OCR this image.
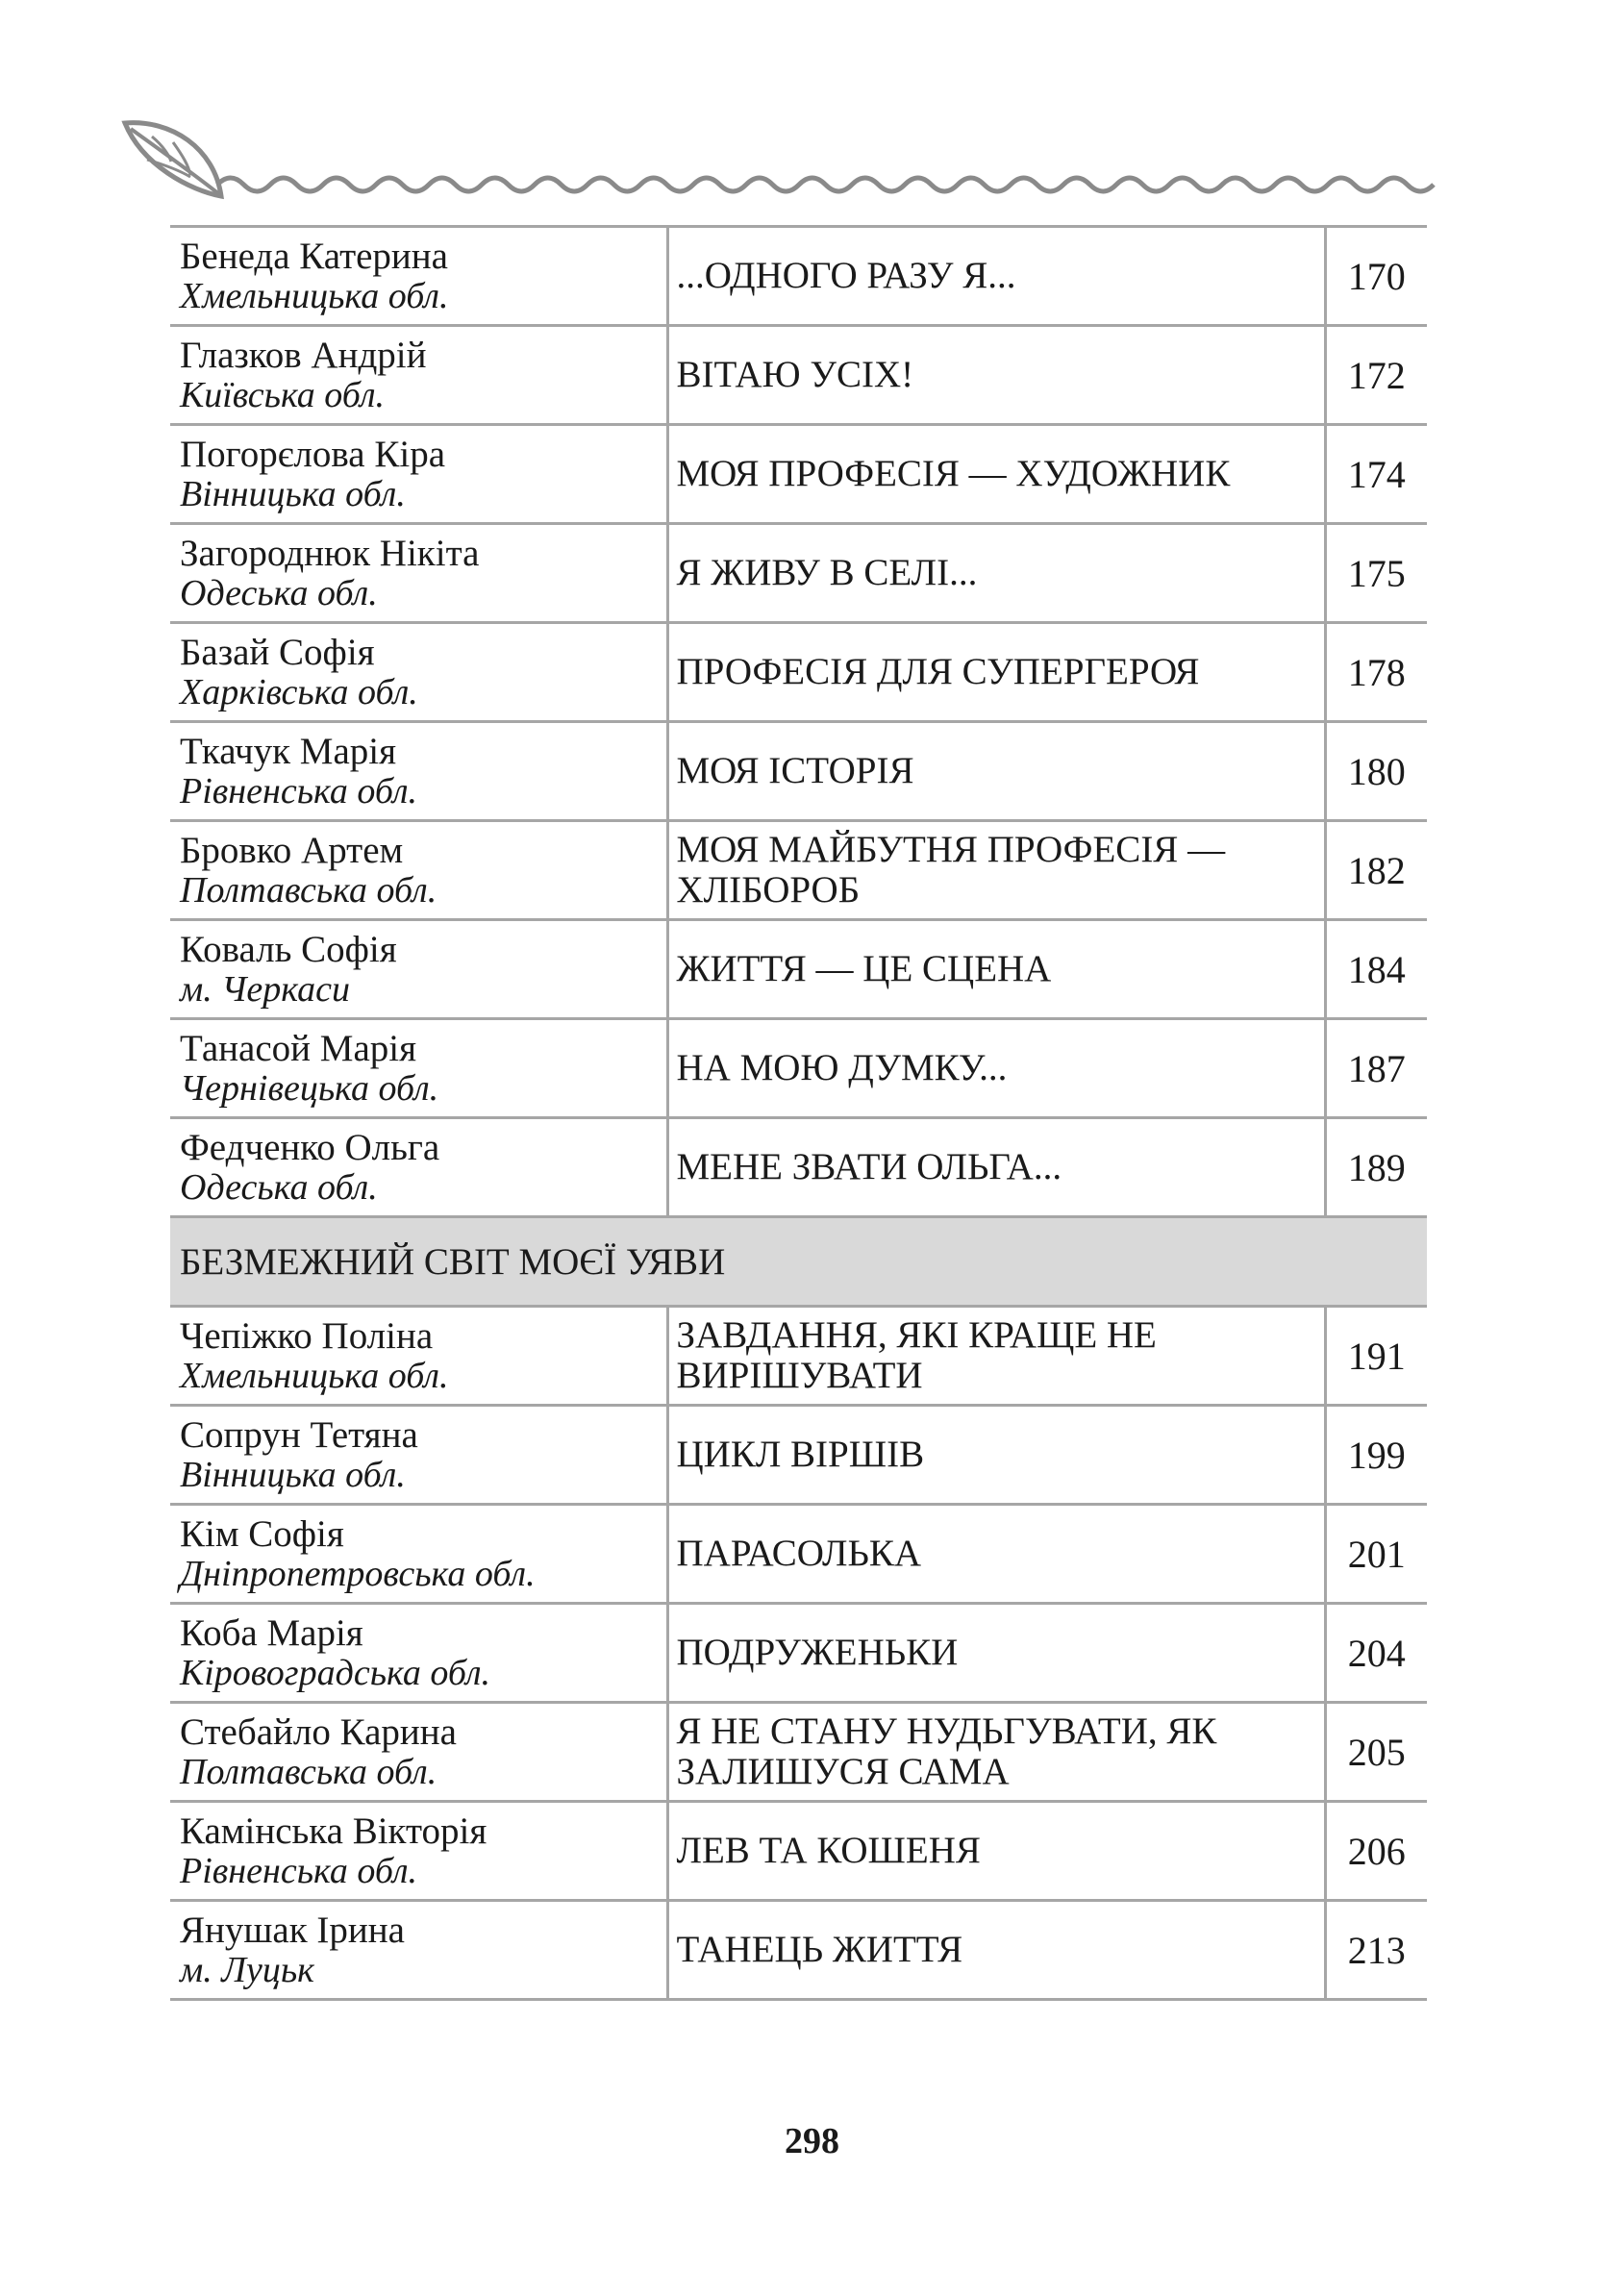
Бенеда Катерина
Хмельницька обл.	...ОДНОГО РАЗУ Я...	170

Глазков Андрій
Київська обл.	ВІТАЮ УСІХ!	172

Погорєлова Кіра
Вінницька обл.	МОЯ ПРОФЕСІЯ — ХУДОЖНИК	174

Загороднюк Нікіта
Одеська обл.	Я ЖИВУ В СЕЛІ...	175

Базай Софія
Харківська обл.	ПРОФЕСІЯ ДЛЯ СУПЕРГЕРОЯ	178

Ткачук Марія
Рівненська обл.	МОЯ ІСТОРІЯ	180

Бровко Артем
Полтавська обл.	МОЯ МАЙБУТНЯ ПРОФЕСІЯ — ХЛІБОРОБ	182

Коваль Софія
м. Черкаси	ЖИТТЯ — ЦЕ СЦЕНА	184

Танасой Марія
Чернівецька обл.	НА МОЮ ДУМКУ...	187

Федченко Ольга
Одеська обл.	МЕНЕ ЗВАТИ ОЛЬГА...	189
БЕЗМЕЖНИЙ СВІТ МОЄЇ УЯВИ		

Чепіжко Поліна
Хмельницька обл.	ЗАВДАННЯ, ЯКІ КРАЩЕ НЕ ВИРІШУВАТИ	191

Сопрун Тетяна
Вінницька обл.	ЦИКЛ ВІРШІВ	199

Кім Софія
Дніпропетровська обл.	ПАРАСОЛЬКА	201

Коба Марія
Кіровоградська обл.	ПОДРУЖЕНЬКИ	204

Стебайло Карина
Полтавська обл.	Я НЕ СТАНУ НУДЬГУВАТИ, ЯК ЗАЛИШУСЯ САМА	205

Камінська Вікторія
Рівненська обл.	ЛЕВ ТА КОШЕНЯ	206

Янушак Ірина
м. Луцьк	ТАНЕЦЬ ЖИТТЯ	213
298
